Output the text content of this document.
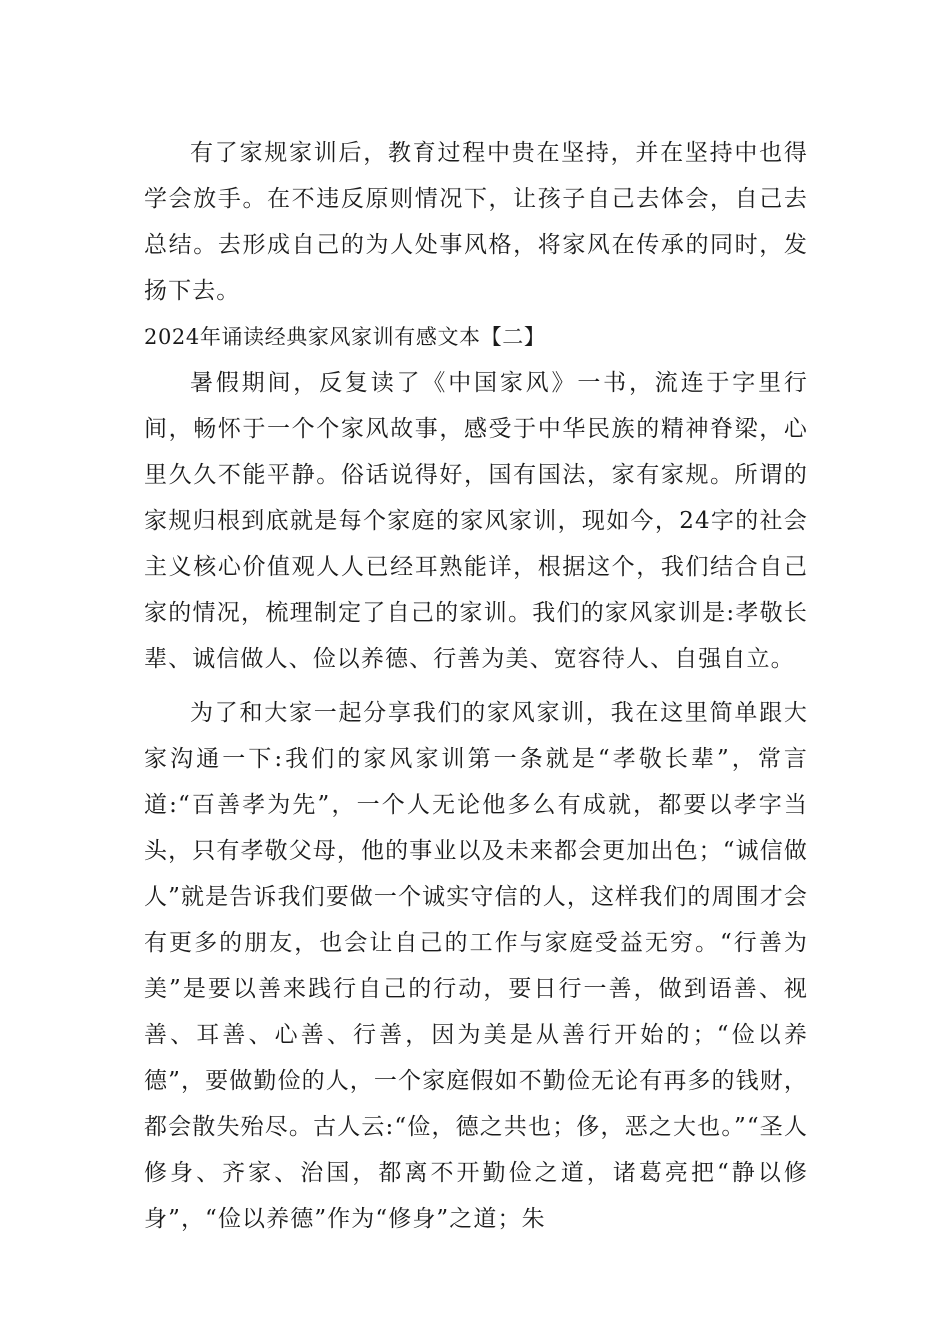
有了家规家训后，教育过程中贵在坚持，并在坚持中也得学会放手。在不违反原则情况下，让孩子自己去体会，自己去总结。去形成自己的为人处事风格，将家风在传承的同时，发扬下去。

2024年诵读经典家风家训有感文本【二】

暑假期间，反复读了《中国家风》一书，流连于字里行间，畅怀于一个个家风故事，感受于中华民族的精神脊梁，心里久久不能平静。俗话说得好，国有国法，家有家规。所谓的家规归根到底就是每个家庭的家风家训，现如今，24字的社会主义核心价值观人人已经耳熟能详，根据这个，我们结合自己家的情况，梳理制定了自己的家训。我们的家风家训是:孝敬长辈、诚信做人、俭以养德、行善为美、宽容待人、自强自立。

为了和大家一起分享我们的家风家训，我在这里简单跟大家沟通一下:我们的家风家训第一条就是“孝敬长辈”，常言道:“百善孝为先”，一个人无论他多么有成就，都要以孝字当头，只有孝敬父母，他的事业以及未来都会更加出色；“诚信做人”就是告诉我们要做一个诚实守信的人，这样我们的周围才会有更多的朋友，也会让自己的工作与家庭受益无穷。“行善为美”是要以善来践行自己的行动，要日行一善，做到语善、视善、耳善、心善、行善，因为美是从善行开始的；“俭以养德”，要做勤俭的人，一个家庭假如不勤俭无论有再多的钱财，都会散失殆尽。古人云:“俭，德之共也；侈，恶之大也。”“圣人修身、齐家、治国，都离不开勤俭之道，诸葛亮把“静以修身”，“俭以养德”作为“修身”之道；朱
